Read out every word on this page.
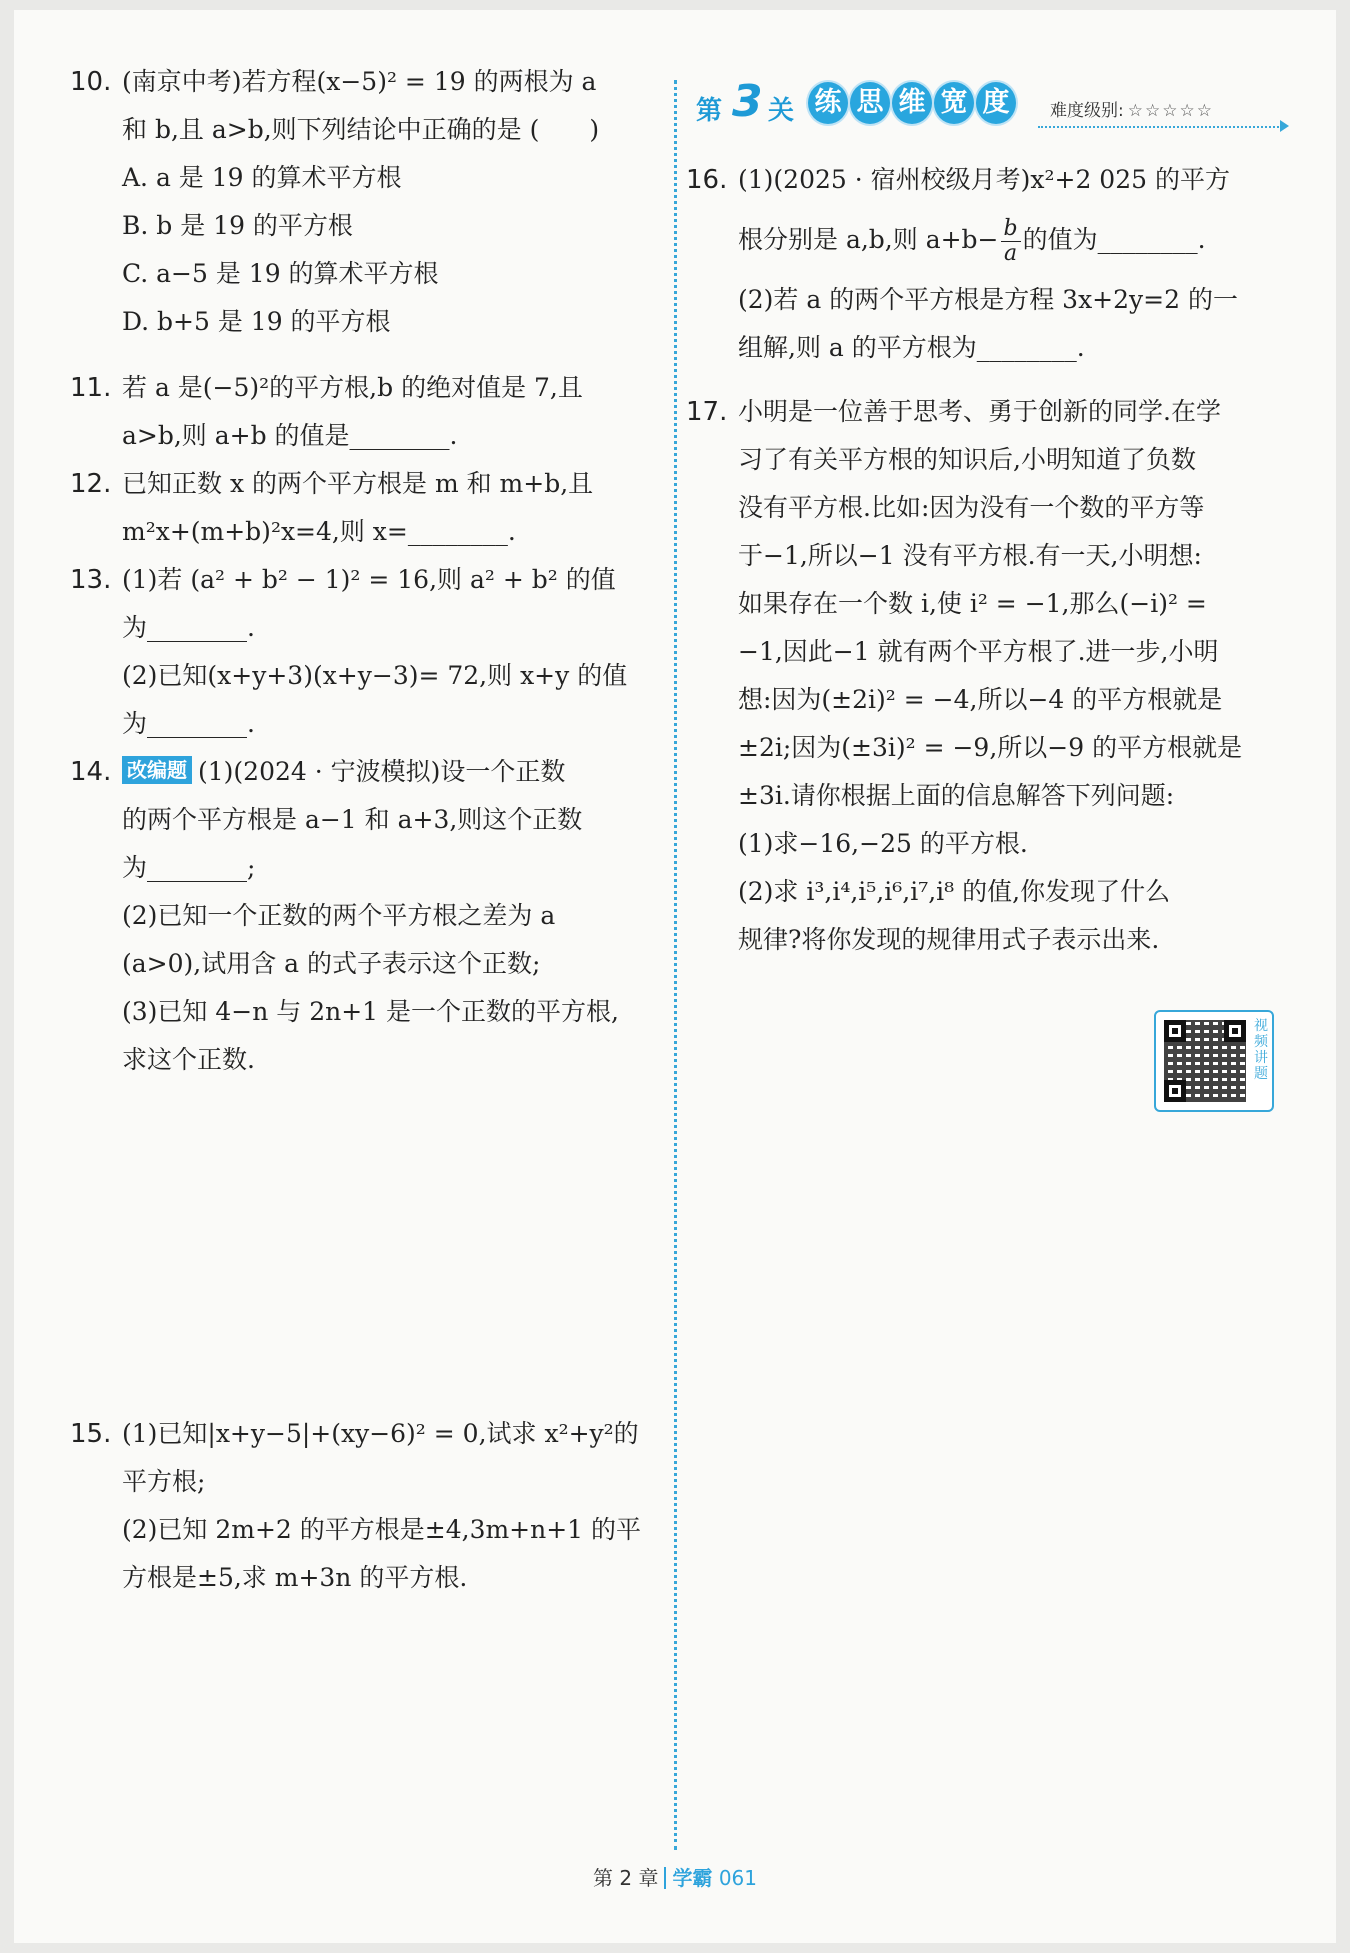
10. (南京中考)若方程(x−5)² = 19 的两根为 a
和 b,且 a>b,则下列结论中正确的是 (　　)
A. a 是 19 的算术平方根
B. b 是 19 的平方根
C. a−5 是 19 的算术平方根
D. b+5 是 19 的平方根
11. 若 a 是(−5)²的平方根,b 的绝对值是 7,且
a>b,则 a+b 的值是________.
12. 已知正数 x 的两个平方根是 m 和 m+b,且
m²x+(m+b)²x=4,则 x=________.
13. (1)若 (a² + b² − 1)² = 16,则 a² + b² 的值
为________.
(2)已知(x+y+3)(x+y−3)= 72,则 x+y 的值
为________.
14. 改编题 (1)(2024 · 宁波模拟)设一个正数
的两个平方根是 a−1 和 a+3,则这个正数
为________;
(2)已知一个正数的两个平方根之差为 a
(a>0),试用含 a 的式子表示这个正数;
(3)已知 4−n 与 2n+1 是一个正数的平方根,
求这个正数.
15. (1)已知|x+y−5|+(xy−6)² = 0,试求 x²+y²的
平方根;
(2)已知 2m+2 的平方根是±4,3m+n+1 的平
方根是±5,求 m+3n 的平方根.
第 3 关 练 思 维 宽 度	难度级别: ☆☆☆☆☆
16. (1)(2025 · 宿州校级月考)x²+2 025 的平方
根分别是 a,b,则 $a+b- \frac{b}{a}$ 的值为________.
(2)若 a 的两个平方根是方程 3x+2y=2 的一
组解,则 a 的平方根为________.
17. 小明是一位善于思考、勇于创新的同学.在学
习了有关平方根的知识后,小明知道了负数
没有平方根.比如:因为没有一个数的平方等
于−1,所以−1 没有平方根.有一天,小明想:
如果存在一个数 i,使 i² = −1,那么(−i)² =
−1,因此−1 就有两个平方根了.进一步,小明
想:因为(±2i)² = −4,所以−4 的平方根就是
±2i;因为(±3i)² = −9,所以−9 的平方根就是
±3i.请你根据上面的信息解答下列问题:
(1)求−16,−25 的平方根.
(2)求 i³,i⁴,i⁵,i⁶,i⁷,i⁸ 的值,你发现了什么
规律?将你发现的规律用式子表示出来.
视频讲题
第 2 章 学霸 061
